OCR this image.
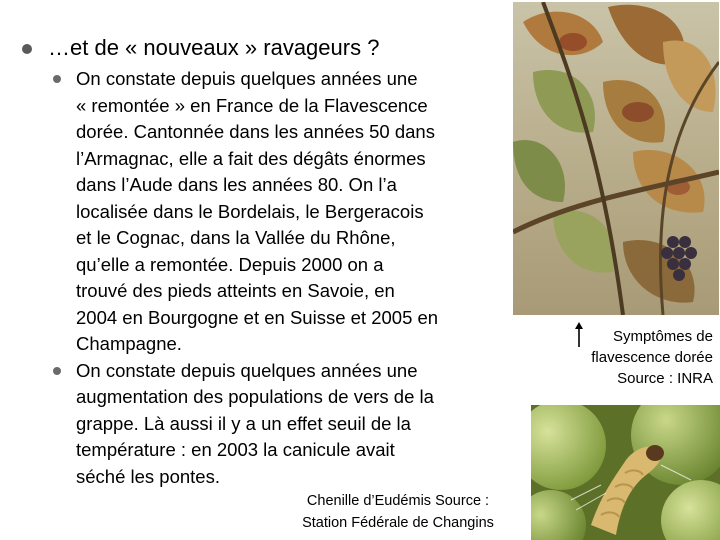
…et de « nouveaux » ravageurs ?
On constate depuis quelques années une
« remontée » en France de la Flavescence
dorée. Cantonnée dans les années 50 dans
l’Armagnac, elle a fait des dégâts énormes
dans l’Aude dans les années 80. On l’a
localisée dans le Bordelais, le Bergeracois
et le Cognac, dans la Vallée du Rhône,
qu’elle a remontée. Depuis 2000 on a
trouvé des pieds atteints en Savoie, en
2004 en Bourgogne et en Suisse et 2005 en
Champagne.
On constate depuis quelques années une
augmentation des populations de vers de la
grappe. Là aussi il y a un effet seuil de la
température : en 2003 la canicule avait
séché les pontes.
Symptômes de
flavescence dorée
Source : INRA
Chenille d’Eudémis Source :
Station Fédérale de Changins
